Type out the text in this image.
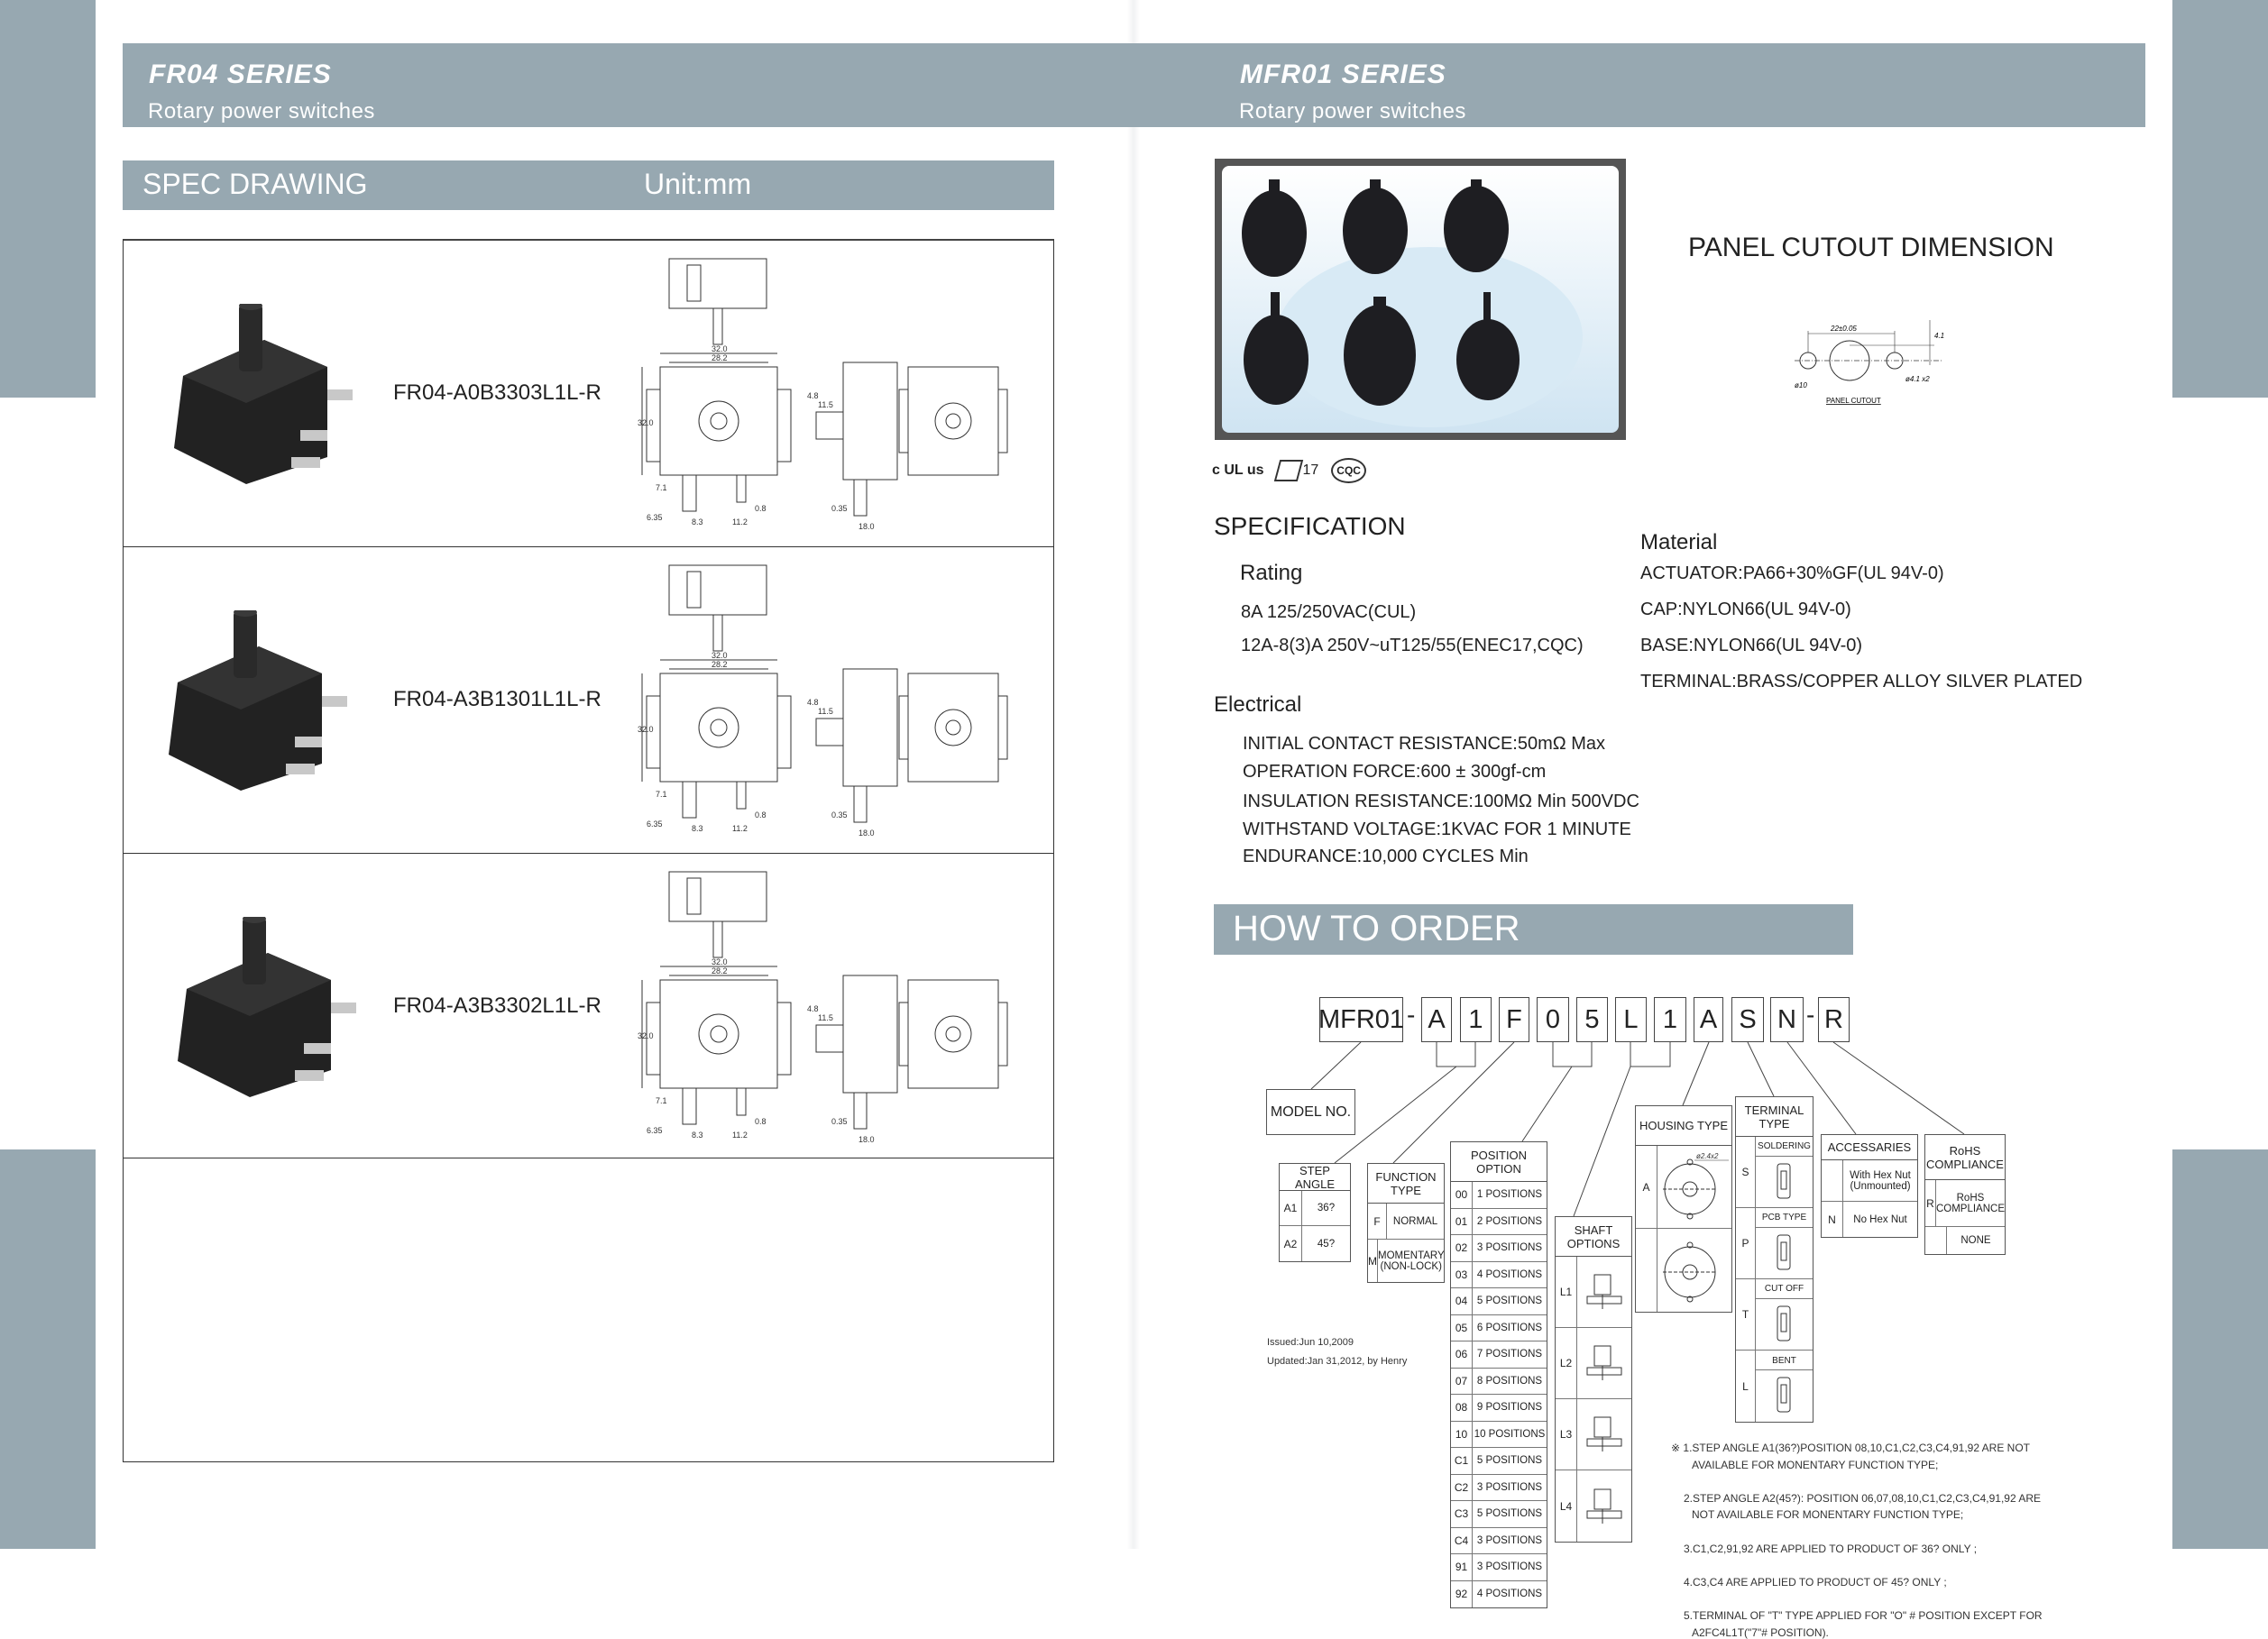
FR04 SERIES
Rotary power switches
MFR01 SERIES
Rotary power switches
SPEC DRAWING	Unit:mm
FR04-A0B3303L1L-R
32.0
28.2
32.0
11.5
4.8
7.1
6.35	8.3	11.2
0.8	0.35
18.0
FR04-A3B1301L1L-R
32.0
28.2
32.0
11.5
4.8
7.1
6.35	8.3	11.2
0.8	0.35
18.0
FR04-A3B3302L1L-R
32.0
28.2
32.0
11.5
4.8
7.1
6.35	8.3	11.2
0.8	0.35
18.0
PANEL CUTOUT DIMENSION
22±0.05
4.1
ø4.1 x2
ø10
PANEL CUTOUT
c UL us	17	CQC
SPECIFICATION
Rating
8A 125/250VAC(CUL)
12A-8(3)A 250V~uT125/55(ENEC17,CQC)
Electrical
INITIAL CONTACT RESISTANCE:50mΩ Max
OPERATION FORCE:600 ± 300gf-cm
INSULATION RESISTANCE:100MΩ Min 500VDC
WITHSTAND VOLTAGE:1KVAC FOR 1 MINUTE
ENDURANCE:10,000 CYCLES Min
Material
ACTUATOR:PA66+30%GF(UL 94V-0)
CAP:NYLON66(UL 94V-0)
BASE:NYLON66(UL 94V-0)
TERMINAL:BRASS/COPPER ALLOY SILVER PLATED
HOW TO ORDER
MFR01 A 1 F 0 5 L 1 A S N R
-	-
MODEL NO.
STEP ANGLE
A1	36?
A2	45?
FUNCTION TYPE
F	NORMAL
M MOMENTARY (NON-LOCK)
POSITION OPTION
00 1 POSITIONS
01 2 POSITIONS
02 3 POSITIONS
03 4 POSITIONS
04 5 POSITIONS
05 6 POSITIONS
06 7 POSITIONS
07 8 POSITIONS
08 9 POSITIONS
10 10 POSITIONS
C1 5 POSITIONS
C2 3 POSITIONS
C3 5 POSITIONS
C4 3 POSITIONS
91 3 POSITIONS
92 4 POSITIONS
SHAFT OPTIONS
L1
L2
L3
L4
HOUSING TYPE
A
ø2.4x2
TERMINAL TYPE
S
SOLDERING
P
PCB TYPE
T
CUT OFF
L
BENT
ACCESSARIES
With Hex Nut (Unmounted)
N	No Hex Nut
RoHS COMPLIANCE
R	RoHS COMPLIANCE
NONE
Issued:Jun 10,2009
Updated:Jan 31,2012, by Henry
※ 1.STEP ANGLE A1(36?)POSITION 08,10,C1,C2,C3,C4,91,92 ARE NOT
AVAILABLE FOR MONENTARY FUNCTION TYPE;
2.STEP ANGLE A2(45?): POSITION 06,07,08,10,C1,C2,C3,C4,91,92 ARE
NOT AVAILABLE FOR MONENTARY FUNCTION TYPE;
3.C1,C2,91,92 ARE APPLIED TO PRODUCT OF 36? ONLY ;
4.C3,C4 ARE APPLIED TO PRODUCT OF 45? ONLY ;
5.TERMINAL OF "T" TYPE APPLIED FOR "O" # POSITION EXCEPT FOR
A2FC4L1T("7"# POSITION).
